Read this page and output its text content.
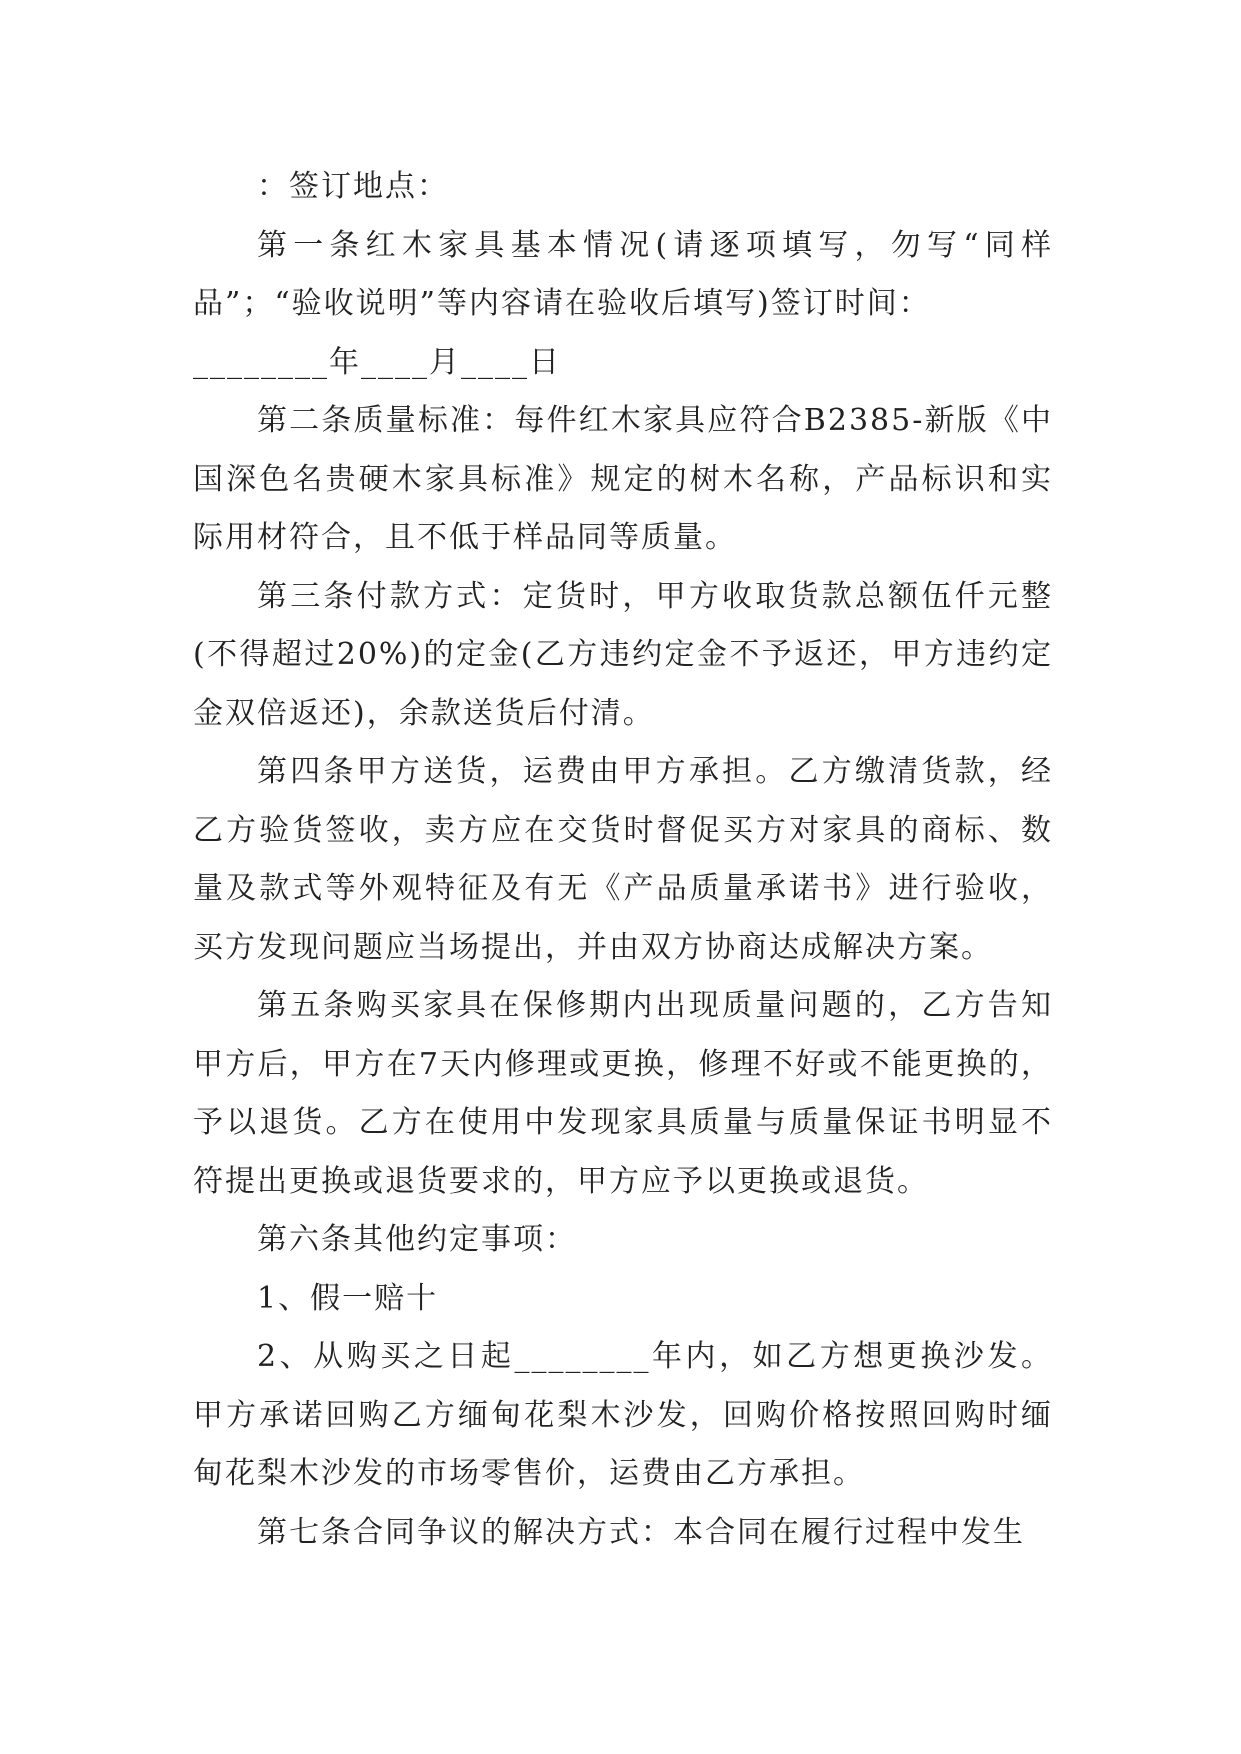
：签订地点：

第一条红木家具基本情况(请逐项填写，勿写“同样品”；“验收说明”等内容请在验收后填写)签订时间：

________年____月____日

第二条质量标准：每件红木家具应符合B2385-新版《中国深色名贵硬木家具标准》规定的树木名称，产品标识和实际用材符合，且不低于样品同等质量。

第三条付款方式：定货时，甲方收取货款总额伍仟元整(不得超过20%)的定金(乙方违约定金不予返还，甲方违约定金双倍返还)，余款送货后付清。

第四条甲方送货，运费由甲方承担。乙方缴清货款，经乙方验货签收，卖方应在交货时督促买方对家具的商标、数量及款式等外观特征及有无《产品质量承诺书》进行验收，买方发现问题应当场提出，并由双方协商达成解决方案。

第五条购买家具在保修期内出现质量问题的，乙方告知甲方后，甲方在7天内修理或更换，修理不好或不能更换的，予以退货。乙方在使用中发现家具质量与质量保证书明显不符提出更换或退货要求的，甲方应予以更换或退货。

第六条其他约定事项：

1、假一赔十

2、从购买之日起________年内，如乙方想更换沙发。甲方承诺回购乙方缅甸花梨木沙发，回购价格按照回购时缅甸花梨木沙发的市场零售价，运费由乙方承担。

第七条合同争议的解决方式：本合同在履行过程中发生
